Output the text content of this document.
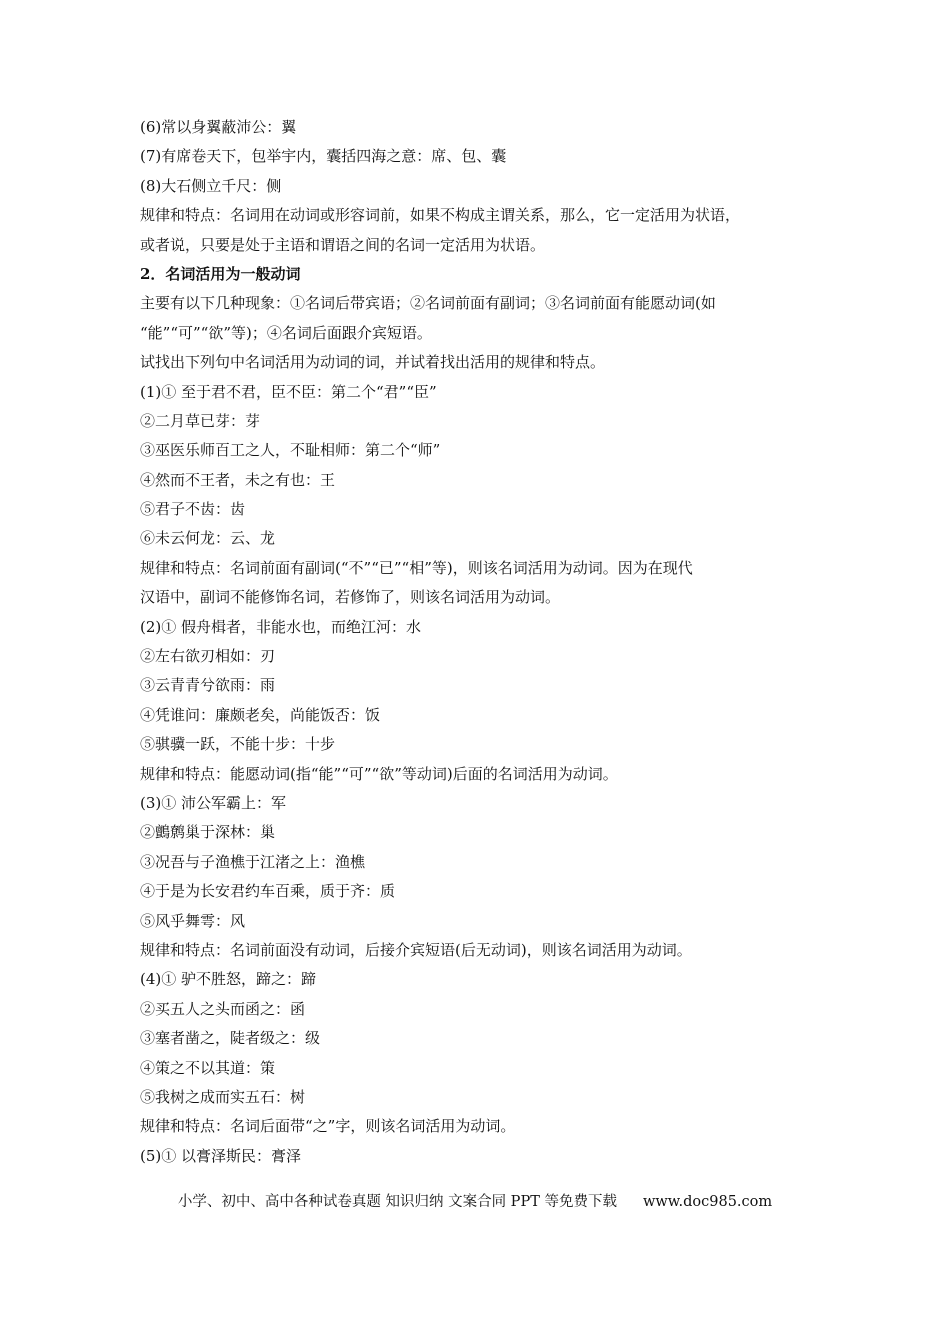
(6)常以身翼蔽沛公：翼
(7)有席卷天下，包举宇内，囊括四海之意：席、包、囊
(8)大石侧立千尺：侧
规律和特点：名词用在动词或形容词前，如果不构成主谓关系，那么，它一定活用为状语，
或者说，只要是处于主语和谓语之间的名词一定活用为状语。
2．名词活用为一般动词
主要有以下几种现象：①名词后带宾语；②名词前面有副词；③名词前面有能愿动词(如
“能”“可”“欲”等)；④名词后面跟介宾短语。
试找出下列句中名词活用为动词的词，并试着找出活用的规律和特点。
(1)① 至于君不君，臣不臣：第二个“君”“臣”
②二月草已芽：芽
③巫医乐师百工之人，不耻相师：第二个“师”
④然而不王者，未之有也：王
⑤君子不齿：齿
⑥未云何龙：云、龙
规律和特点：名词前面有副词(“不”“已”“相”等)，则该名词活用为动词。因为在现代
汉语中，副词不能修饰名词，若修饰了，则该名词活用为动词。
(2)① 假舟楫者，非能水也，而绝江河：水
②左右欲刃相如：刃
③云青青兮欲雨：雨
④凭谁问：廉颇老矣，尚能饭否：饭
⑤骐骥一跃，不能十步：十步
规律和特点：能愿动词(指“能”“可”“欲”等动词)后面的名词活用为动词。
(3)① 沛公军霸上：军
②鸇鹩巢于深林：巢
③况吾与子渔樵于江渚之上：渔樵
④于是为长安君约车百乘，质于齐：质
⑤风乎舞雩：风
规律和特点：名词前面没有动词，后接介宾短语(后无动词)，则该名词活用为动词。
(4)① 驴不胜怒，蹄之：蹄
②买五人之头而函之：函
③塞者凿之，陡者级之：级
④策之不以其道：策
⑤我树之成而实五石：树
规律和特点：名词后面带“之”字，则该名词活用为动词。
(5)① 以膏泽斯民：膏泽
小学、初中、高中各种试卷真题 知识归纳 文案合同 PPT 等免费下载 www.doc985.com
